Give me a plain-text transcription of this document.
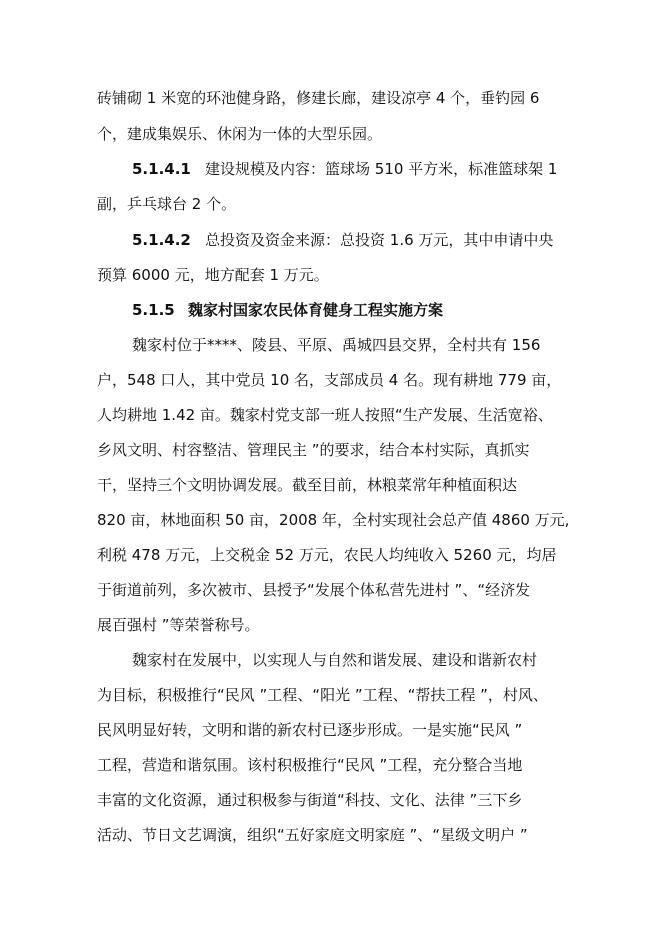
砖铺砌 1 米宽的环池健身路，修建长廊，建设凉亭 4 个，垂钓园 6
个，建成集娱乐、休闲为一体的大型乐园。
5.1.4.1 建设规模及内容：篮球场 510 平方米，标准篮球架 1
副，乒乓球台 2 个。
5.1.4.2 总投资及资金来源：总投资 1.6 万元，其中申请中央
预算 6000 元，地方配套 1 万元。
5.1.5 魏家村国家农民体育健身工程实施方案
魏家村位于****、陵县、平原、禹城四县交界，全村共有 156
户，548 口人，其中党员 10 名，支部成员 4 名。现有耕地 779 亩，
人均耕地 1.42 亩。魏家村党支部一班人按照“生产发展、生活宽裕、
乡风文明、村容整洁、管理民主 ”的要求，结合本村实际，真抓实
干，坚持三个文明协调发展。截至目前，林粮菜常年种植面积达
820 亩，林地面积 50 亩，2008 年，全村实现社会总产值 4860 万元,
利税 478 万元，上交税金 52 万元，农民人均纯收入 5260 元，均居
于街道前列，多次被市、县授予“发展个体私营先进村 ”、“经济发
展百强村 ”等荣誉称号。
魏家村在发展中，以实现人与自然和谐发展、建设和谐新农村
为目标，积极推行“民风 ”工程、“阳光 ”工程、“帮扶工程 ”，村风、
民风明显好转，文明和谐的新农村已逐步形成。一是实施“民风 ”
工程，营造和谐氛围。该村积极推行“民风 ”工程，充分整合当地
丰富的文化资源，通过积极参与街道“科技、文化、法律 ”三下乡
活动、节日文艺调演，组织“五好家庭文明家庭 ”、“星级文明户 ”
